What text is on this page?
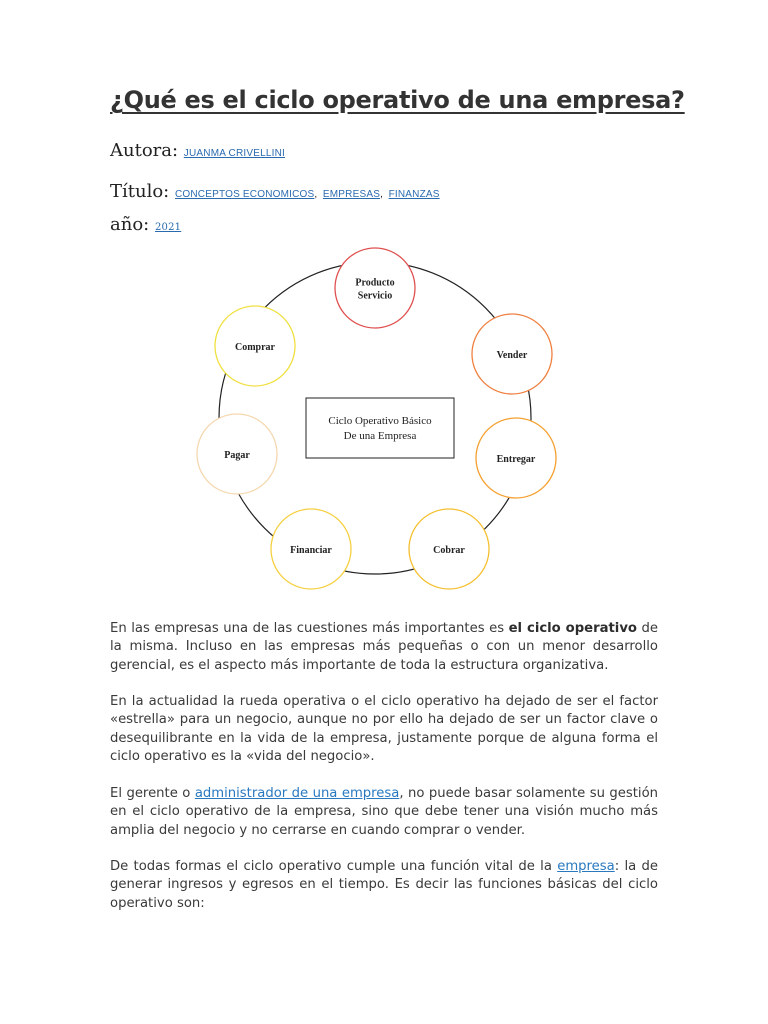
¿Qué es el ciclo operativo de una empresa?
Autora: JUANMA CRIVELLINI
Título: CONCEPTOS ECONOMICOS, EMPRESAS, FINANZAS
año: 2021
Ciclo Operativo Básico
De una Empresa
Producto
Servicio
Vender
Entregar
Cobrar
Financiar
Pagar
Comprar

En las empresas una de las cuestiones más importantes es el ciclo operativo de la misma. Incluso en las empresas más pequeñas o con un menor desarrollo gerencial, es el aspecto más importante de toda la estructura organizativa.

En la actualidad la rueda operativa o el ciclo operativo ha dejado de ser el factor «estrella» para un negocio, aunque no por ello ha dejado de ser un factor clave o desequilibrante en la vida de la empresa, justamente porque de alguna forma el ciclo operativo es la «vida del negocio».

El gerente o administrador de una empresa, no puede basar solamente su gestión en el ciclo operativo de la empresa, sino que debe tener una visión mucho más amplia del negocio y no cerrarse en cuando comprar o vender.

De todas formas el ciclo operativo cumple una función vital de la empresa: la de generar ingresos y egresos en el tiempo. Es decir las funciones básicas del ciclo operativo son:
